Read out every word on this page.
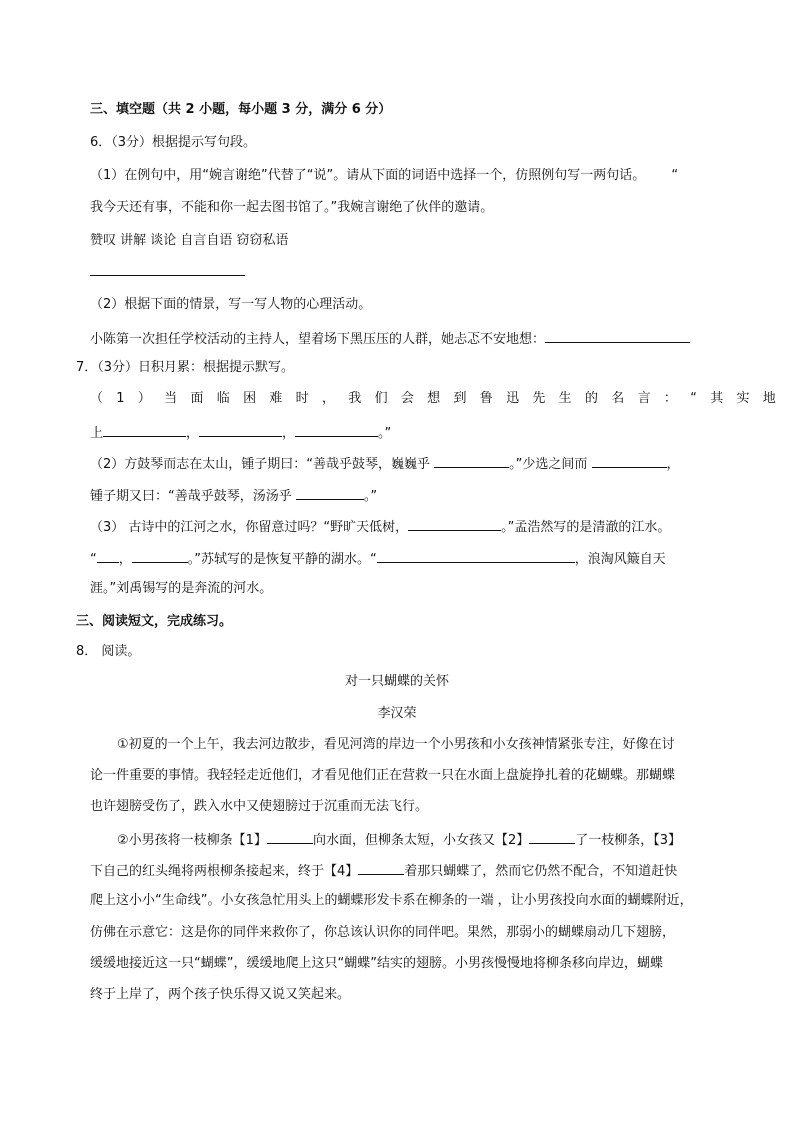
三、填空题（共 2 小题，每小题 3 分，满分 6 分）
6．（3分）根据提示写句段。
（1）在例句中，用“婉言谢绝”代替了“说”。请从下面的词语中选择一个，仿照例句写一两句话。 “
我今天还有事，不能和你一起去图书馆了。”我婉言谢绝了伙伴的邀请。
赞叹 讲解 谈论 自言自语 窃窃私语
（2）根据下面的情景，写一写人物的心理活动。
小陈第一次担任学校活动的主持人，望着场下黑压压的人群，她忐忑不安地想：
7．（3分）日积月累：根据提示默写。
（1）当面临困难时，我们会想到鲁迅先生的名言：“其实地
上	，	，	。”
（2）方鼓琴而志在太山，锺子期曰：“善哉乎鼓琴，巍巍乎	。”少选之间而	，
锺子期又曰：“善哉乎鼓琴，汤汤乎	。”
（3） 古诗中的江河之水，你留意过吗？“野旷天低树，	。”孟浩然写的是清澈的江水。
“ ，	。”苏轼写的是恢复平静的湖水。“	，浪淘风簸自天
涯。”刘禹锡写的是奔流的河水。
三、阅读短文，完成练习。
8． 阅读。
对一只蝴蝶的关怀
李汉荣
①初夏的一个上午，我去河边散步，看见河湾的岸边一个小男孩和小女孩神情紧张专注，好像在讨
论一件重要的事情。我轻轻走近他们，才看见他们正在营救一只在水面上盘旋挣扎着的花蝴蝶。那蝴蝶
也许翅膀受伤了，跌入水中又使翅膀过于沉重而无法飞行。
②小男孩将一枝柳条【1】	向水面，但柳条太短，小女孩又【2】	了一枝柳条，【3】
下自己的红头绳将两根柳条接起来，终于【4】	着那只蝴蝶了，然而它仍然不配合，不知道赶快
爬上这小小“生命线”。小女孩急忙用头上的蝴蝶形发卡系在柳条的一端 ，让小男孩投向水面的蝴蝶附近，
仿佛在示意它：这是你的同伴来救你了，你总该认识你的同伴吧。果然，那弱小的蝴蝶扇动几下翅膀，
缓缓地接近这一只“蝴蝶”，缓缓地爬上这只“蝴蝶”结实的翅膀。小男孩慢慢地将柳条移向岸边，蝴蝶
终于上岸了，两个孩子快乐得又说又笑起来。
